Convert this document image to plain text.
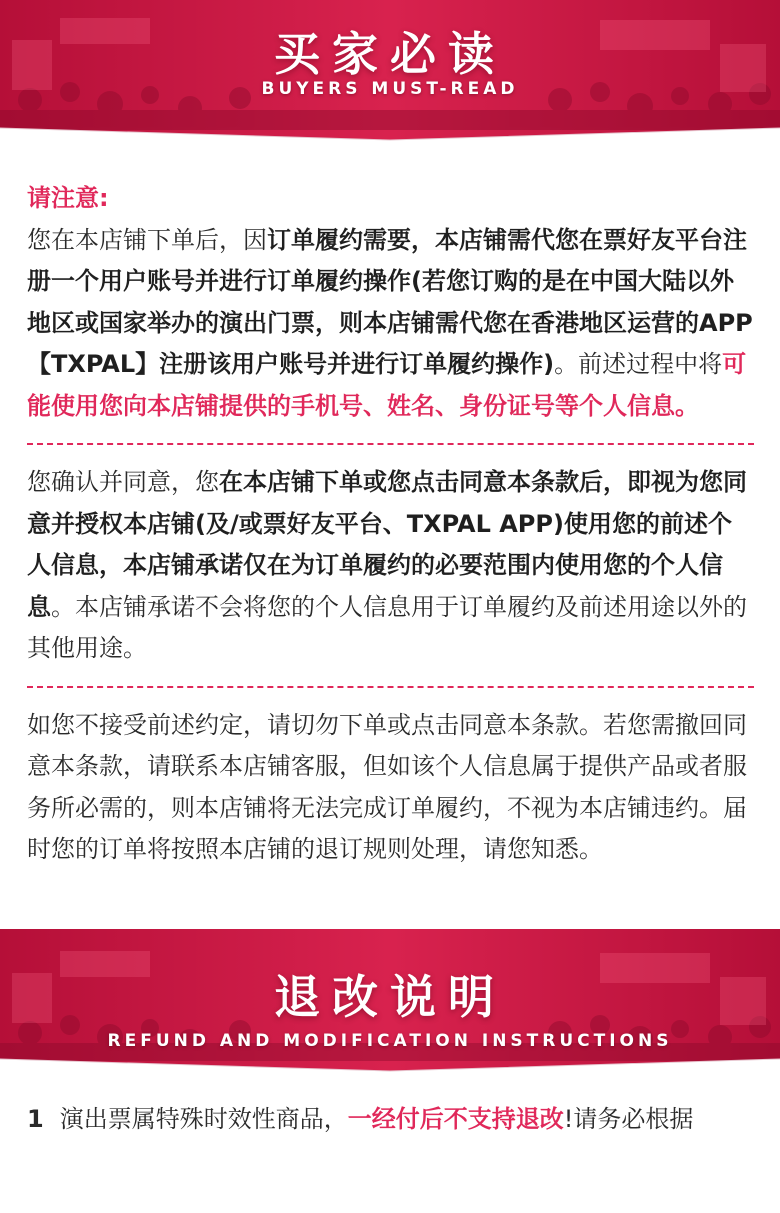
买家必读
BUYERS MUST-READ

请注意:

您在本店铺下单后，因订单履约需要，本店铺需代您在票好友平台注册一个用户账号并进行订单履约操作(若您订购的是在中国大陆以外地区或国家举办的演出门票，则本店铺需代您在香港地区运营的APP【TXPAL】注册该用户账号并进行订单履约操作)。前述过程中将可能使用您向本店铺提供的手机号、姓名、身份证号等个人信息。

您确认并同意，您在本店铺下单或您点击同意本条款后，即视为您同意并授权本店铺(及/或票好友平台、TXPAL APP)使用您的前述个人信息，本店铺承诺仅在为订单履约的必要范围内使用您的个人信息。本店铺承诺不会将您的个人信息用于订单履约及前述用途以外的其他用途。

如您不接受前述约定，请切勿下单或点击同意本条款。若您需撤回同意本条款，请联系本店铺客服，但如该个人信息属于提供产品或者服务所必需的，则本店铺将无法完成订单履约，不视为本店铺违约。届时您的订单将按照本店铺的退订规则处理，请您知悉。

退改说明
REFUND AND MODIFICATION INSTRUCTIONS
1 演出票属特殊时效性商品，一经付后不支持退改!请务必根据
